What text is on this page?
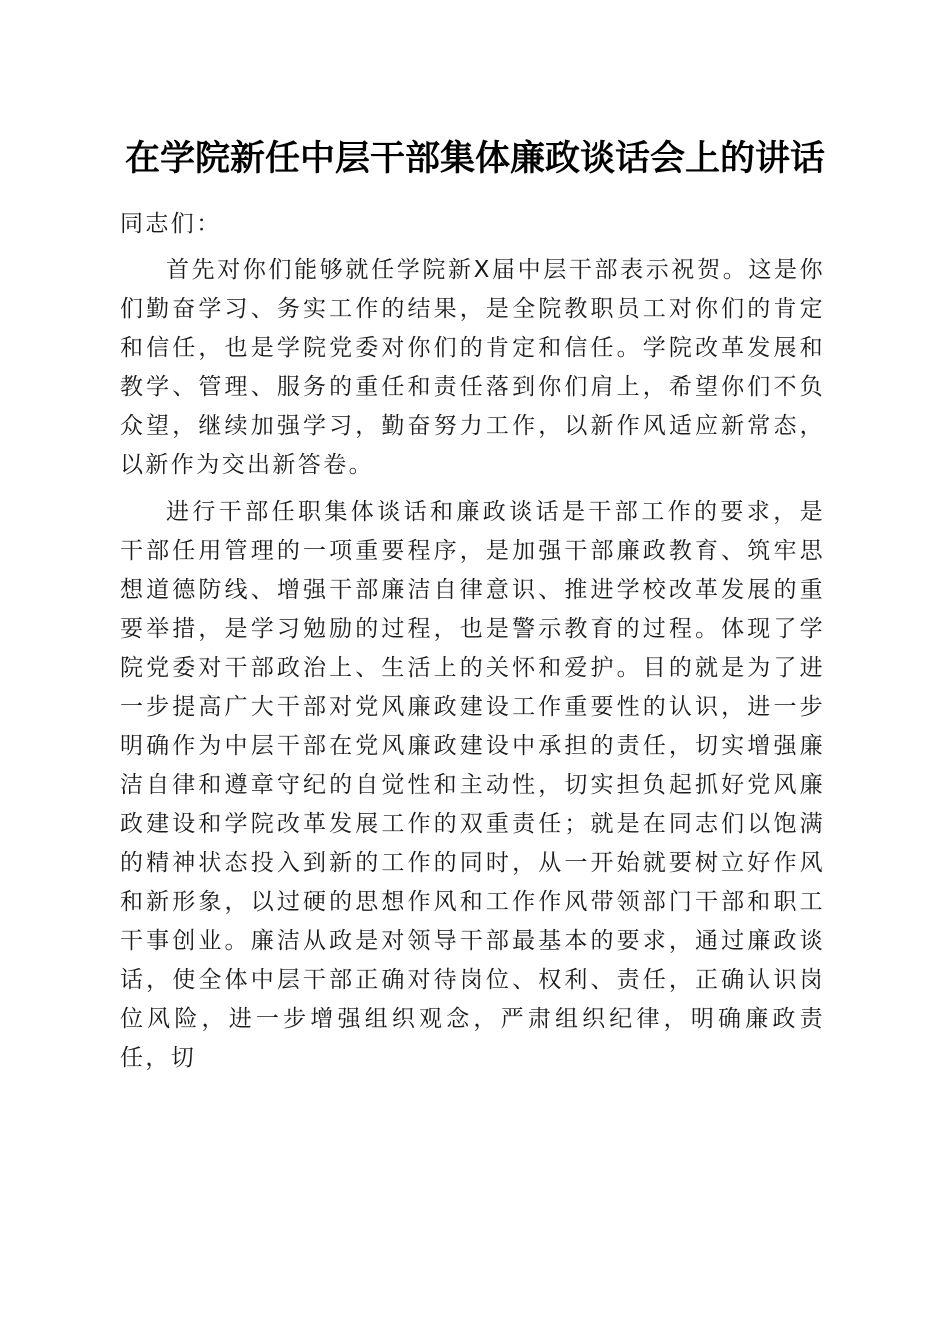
在学院新任中层干部集体廉政谈话会上的讲话

同志们：

首先对你们能够就任学院新X届中层干部表示祝贺。这是你们勤奋学习、务实工作的结果，是全院教职员工对你们的肯定和信任，也是学院党委对你们的肯定和信任。学院改革发展和教学、管理、服务的重任和责任落到你们肩上，希望你们不负众望，继续加强学习，勤奋努力工作，以新作风适应新常态，以新作为交出新答卷。

进行干部任职集体谈话和廉政谈话是干部工作的要求，是干部任用管理的一项重要程序，是加强干部廉政教育、筑牢思想道德防线、增强干部廉洁自律意识、推进学校改革发展的重要举措，是学习勉励的过程，也是警示教育的过程。体现了学院党委对干部政治上、生活上的关怀和爱护。目的就是为了进一步提高广大干部对党风廉政建设工作重要性的认识，进一步明确作为中层干部在党风廉政建设中承担的责任，切实增强廉洁自律和遵章守纪的自觉性和主动性，切实担负起抓好党风廉政建设和学院改革发展工作的双重责任；就是在同志们以饱满的精神状态投入到新的工作的同时，从一开始就要树立好作风和新形象，以过硬的思想作风和工作作风带领部门干部和职工干事创业。廉洁从政是对领导干部最基本的要求，通过廉政谈话，使全体中层干部正确对待岗位、权利、责任，正确认识岗位风险，进一步增强组织观念，严肃组织纪律，明确廉政责任，切
